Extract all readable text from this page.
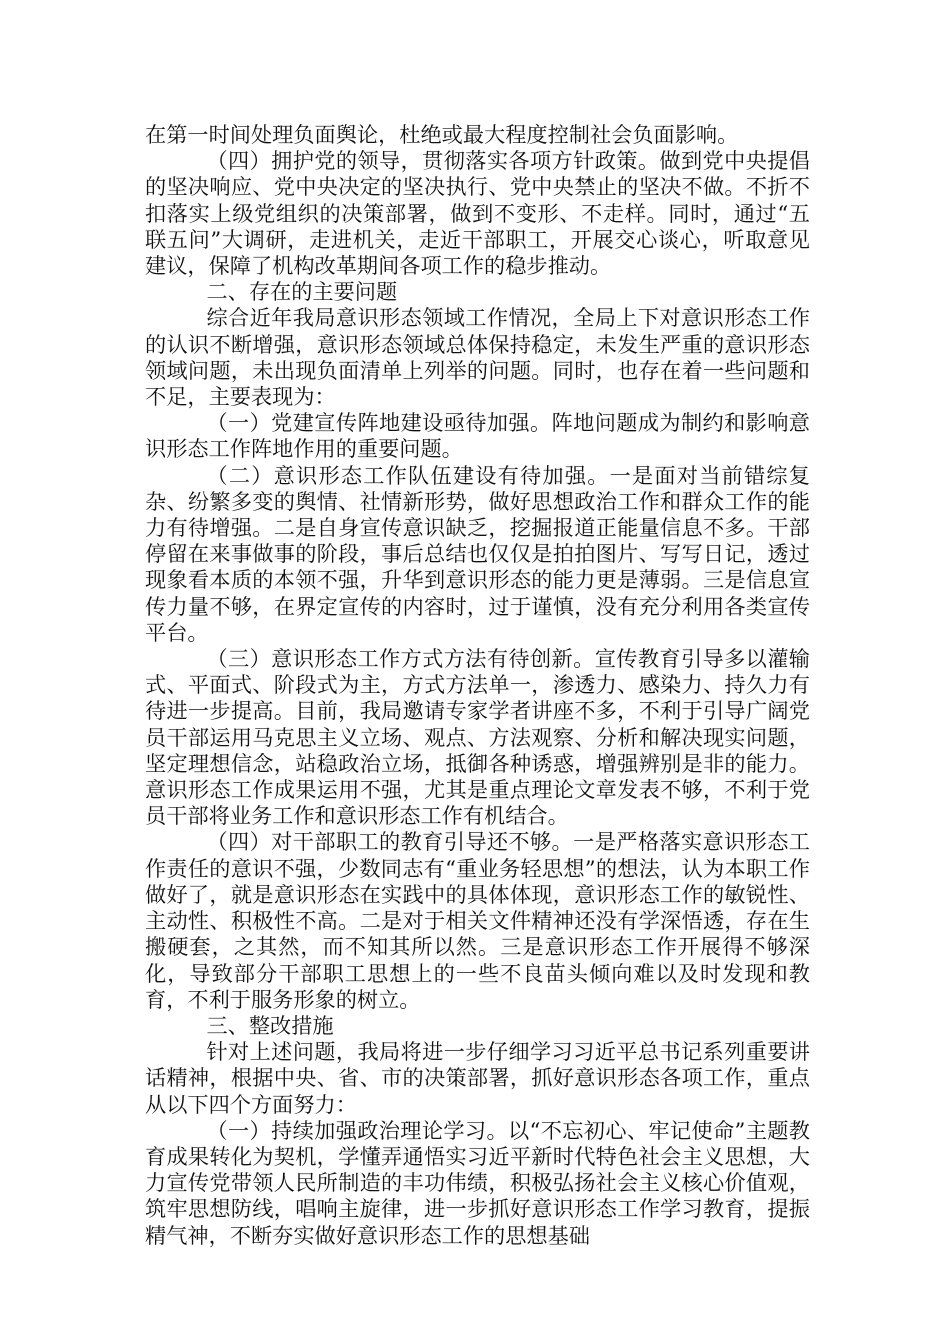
在第一时间处理负面舆论，杜绝或最大程度控制社会负面影响。

（四）拥护党的领导，贯彻落实各项方针政策。做到党中央提倡的坚决响应、党中央决定的坚决执行、党中央禁止的坚决不做。不折不扣落实上级党组织的决策部署，做到不变形、不走样。同时，通过“五联五问”大调研，走进机关，走近干部职工，开展交心谈心，听取意见建议，保障了机构改革期间各项工作的稳步推动。

二、存在的主要问题

综合近年我局意识形态领域工作情况，全局上下对意识形态工作的认识不断增强，意识形态领域总体保持稳定，未发生严重的意识形态领域问题，未出现负面清单上列举的问题。同时，也存在着一些问题和不足，主要表现为：

（一）党建宣传阵地建设亟待加强。阵地问题成为制约和影响意识形态工作阵地作用的重要问题。

（二）意识形态工作队伍建设有待加强。一是面对当前错综复杂、纷繁多变的舆情、社情新形势，做好思想政治工作和群众工作的能力有待增强。二是自身宣传意识缺乏，挖掘报道正能量信息不多。干部停留在来事做事的阶段，事后总结也仅仅是拍拍图片、写写日记，透过现象看本质的本领不强，升华到意识形态的能力更是薄弱。三是信息宣传力量不够，在界定宣传的内容时，过于谨慎，没有充分利用各类宣传平台。

（三）意识形态工作方式方法有待创新。宣传教育引导多以灌输式、平面式、阶段式为主，方式方法单一，渗透力、感染力、持久力有待进一步提高。目前，我局邀请专家学者讲座不多，不利于引导广阔党员干部运用马克思主义立场、观点、方法观察、分析和解决现实问题，坚定理想信念，站稳政治立场，抵御各种诱惑，增强辨别是非的能力。意识形态工作成果运用不强，尤其是重点理论文章发表不够，不利于党员干部将业务工作和意识形态工作有机结合。

（四）对干部职工的教育引导还不够。一是严格落实意识形态工作责任的意识不强，少数同志有“重业务轻思想”的想法，认为本职工作做好了，就是意识形态在实践中的具体体现，意识形态工作的敏锐性、主动性、积极性不高。二是对于相关文件精神还没有学深悟透，存在生搬硬套，之其然，而不知其所以然。三是意识形态工作开展得不够深化，导致部分干部职工思想上的一些不良苗头倾向难以及时发现和教育，不利于服务形象的树立。

三、整改措施

针对上述问题，我局将进一步仔细学习习近平总书记系列重要讲话精神，根据中央、省、市的决策部署，抓好意识形态各项工作，重点从以下四个方面努力：

（一）持续加强政治理论学习。以“不忘初心、牢记使命”主题教育成果转化为契机，学懂弄通悟实习近平新时代特色社会主义思想，大力宣传党带领人民所制造的丰功伟绩，积极弘扬社会主义核心价值观，筑牢思想防线，唱响主旋律，进一步抓好意识形态工作学习教育，提振精气神，不断夯实做好意识形态工作的思想基础
